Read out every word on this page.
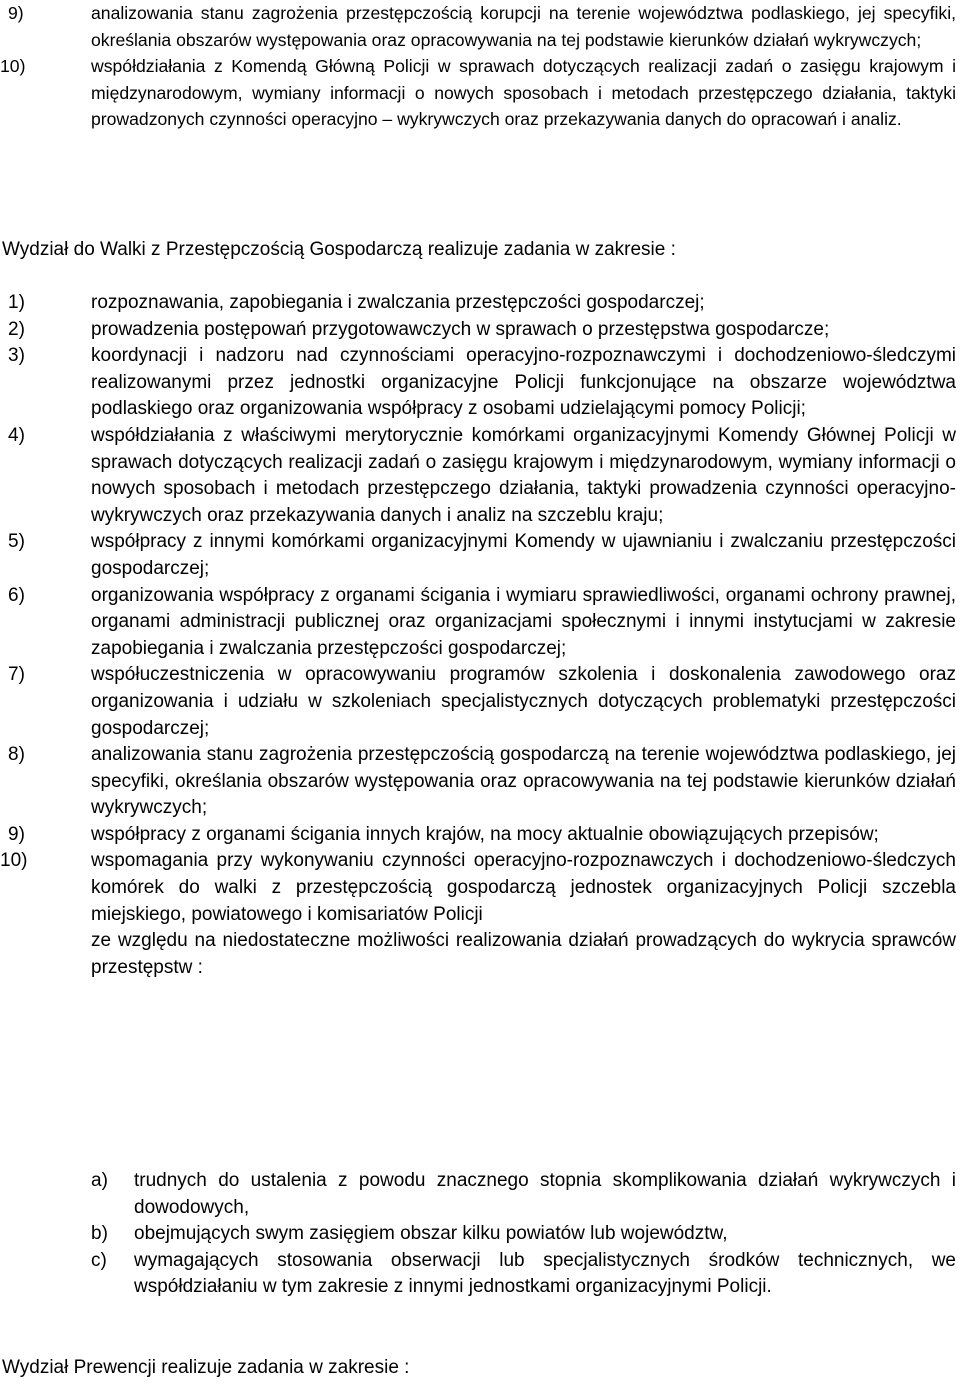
9)	analizowania stanu zagrożenia przestępczością korupcji na terenie województwa podlaskiego, jej specyfiki, określania obszarów występowania oraz opracowywania na tej podstawie kierunków działań wykrywczych;
10)	współdziałania z Komendą Główną Policji w sprawach dotyczących realizacji zadań o zasięgu krajowym i międzynarodowym, wymiany informacji o nowych sposobach i metodach przestępczego działania, taktyki prowadzonych czynności operacyjno – wykrywczych oraz przekazywania danych do opracowań i analiz.
Wydział do Walki z Przestępczością Gospodarczą realizuje zadania w zakresie :
1)	rozpoznawania, zapobiegania i zwalczania przestępczości gospodarczej;
2)	prowadzenia postępowań przygotowawczych w sprawach o przestępstwa gospodarcze;
3)	koordynacji i nadzoru nad czynnościami operacyjno-rozpoznawczymi i dochodzeniowo-śledczymi realizowanymi przez jednostki organizacyjne Policji funkcjonujące na obszarze województwa podlaskiego oraz organizowania współpracy z osobami udzielającymi pomocy Policji;
4)	współdziałania z właściwymi merytorycznie komórkami organizacyjnymi Komendy Głównej Policji w sprawach dotyczących realizacji zadań o zasięgu krajowym i międzynarodowym, wymiany informacji o nowych sposobach i metodach przestępczego działania, taktyki prowadzenia czynności operacyjno-wykrywczych oraz przekazywania danych i analiz na szczeblu kraju;
5)	współpracy z innymi komórkami organizacyjnymi Komendy w ujawnianiu i zwalczaniu przestępczości gospodarczej;
6)	organizowania współpracy z organami ścigania i wymiaru sprawiedliwości, organami ochrony prawnej, organami administracji publicznej oraz organizacjami społecznymi i innymi instytucjami w zakresie zapobiegania i zwalczania przestępczości gospodarczej;
7)	współuczestniczenia w opracowywaniu programów szkolenia i doskonalenia zawodowego oraz organizowania i udziału w szkoleniach specjalistycznych dotyczących problematyki przestępczości gospodarczej;
8)	analizowania stanu zagrożenia przestępczością gospodarczą na terenie województwa podlaskiego, jej specyfiki, określania obszarów występowania oraz opracowywania na tej podstawie kierunków działań wykrywczych;
9)	współpracy z organami ścigania innych krajów, na mocy aktualnie obowiązujących przepisów;
10)	wspomagania przy wykonywaniu czynności operacyjno-rozpoznawczych i dochodzeniowo-śledczych komórek do walki z przestępczością gospodarczą jednostek organizacyjnych Policji szczebla miejskiego, powiatowego i komisariatów Policji
ze względu na niedostateczne możliwości realizowania działań prowadzących do wykrycia sprawców przestępstw :
a) trudnych do ustalenia z powodu znacznego stopnia skomplikowania działań wykrywczych i dowodowych,
b) obejmujących swym zasięgiem obszar kilku powiatów lub województw,
c) wymagających stosowania obserwacji lub specjalistycznych środków technicznych, we współdziałaniu w tym zakresie z innymi jednostkami organizacyjnymi Policji.
Wydział Prewencji realizuje zadania w zakresie :
